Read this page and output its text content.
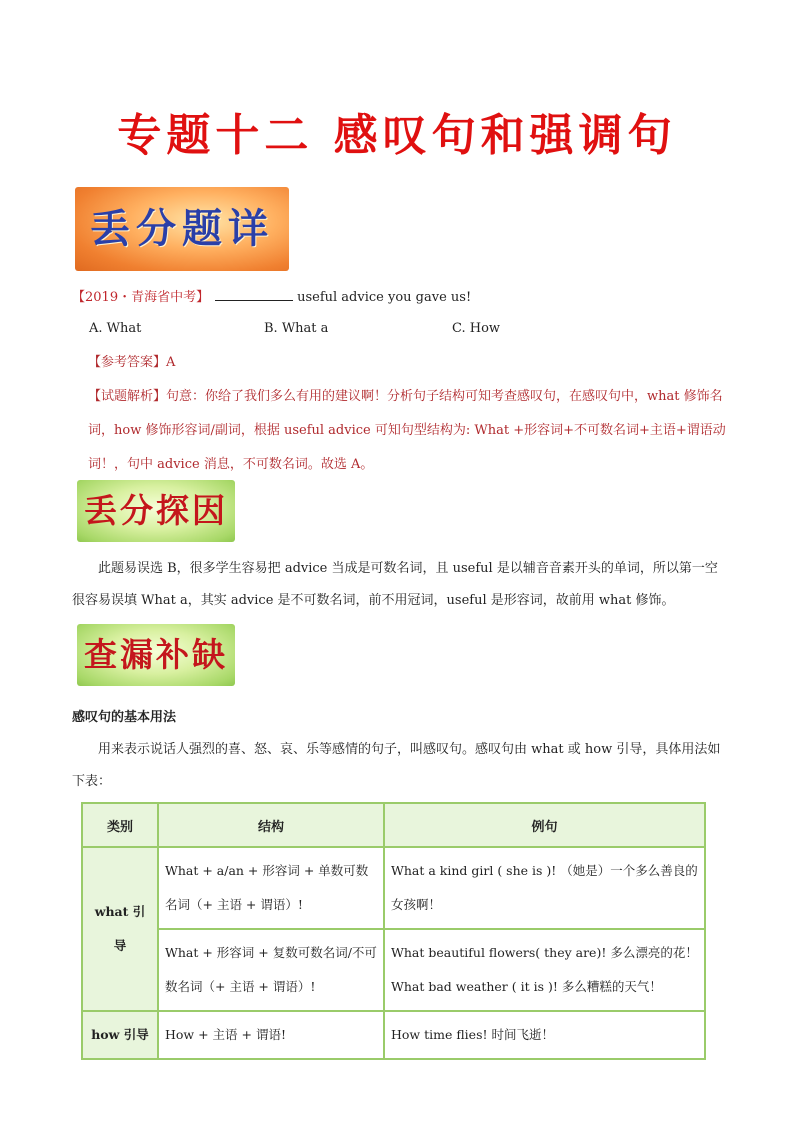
专题十二 感叹句和强调句
丢分题详
【2019・青海省中考】	useful advice you gave us!
A. What	B. What a	C. How
【参考答案】A
【试题解析】句意：你给了我们多么有用的建议啊！分析句子结构可知考查感叹句，在感叹句中，what 修饰名词，how 修饰形容词/副词，根据 useful advice 可知句型结构为: What +形容词+不可数名词+主语+谓语动词！，句中 advice 消息，不可数名词。故选 A。
丢分探因
此题易误选 B，很多学生容易把 advice 当成是可数名词，且 useful 是以辅音音素开头的单词，所以第一空很容易误填 What a，其实 advice 是不可数名词，前不用冠词，useful 是形容词，故前用 what 修饰。
查漏补缺
感叹句的基本用法
用来表示说话人强烈的喜、怒、哀、乐等感情的句子，叫感叹句。感叹句由 what 或 how 引导，具体用法如下表：
类别	结构	例句
what 引导	What + a/an + 形容词 + 单数可数名词（+ 主语 + 谓语）!	What a kind girl ( she is )! （她是）一个多么善良的女孩啊！
	What + 形容词 + 复数可数名词/不可数名词（+ 主语 + 谓语）!	What beautiful flowers( they are)! 多么漂亮的花！
What bad weather ( it is )! 多么糟糕的天气！

how 引导	How + 主语 + 谓语!	How time flies! 时间飞逝！
